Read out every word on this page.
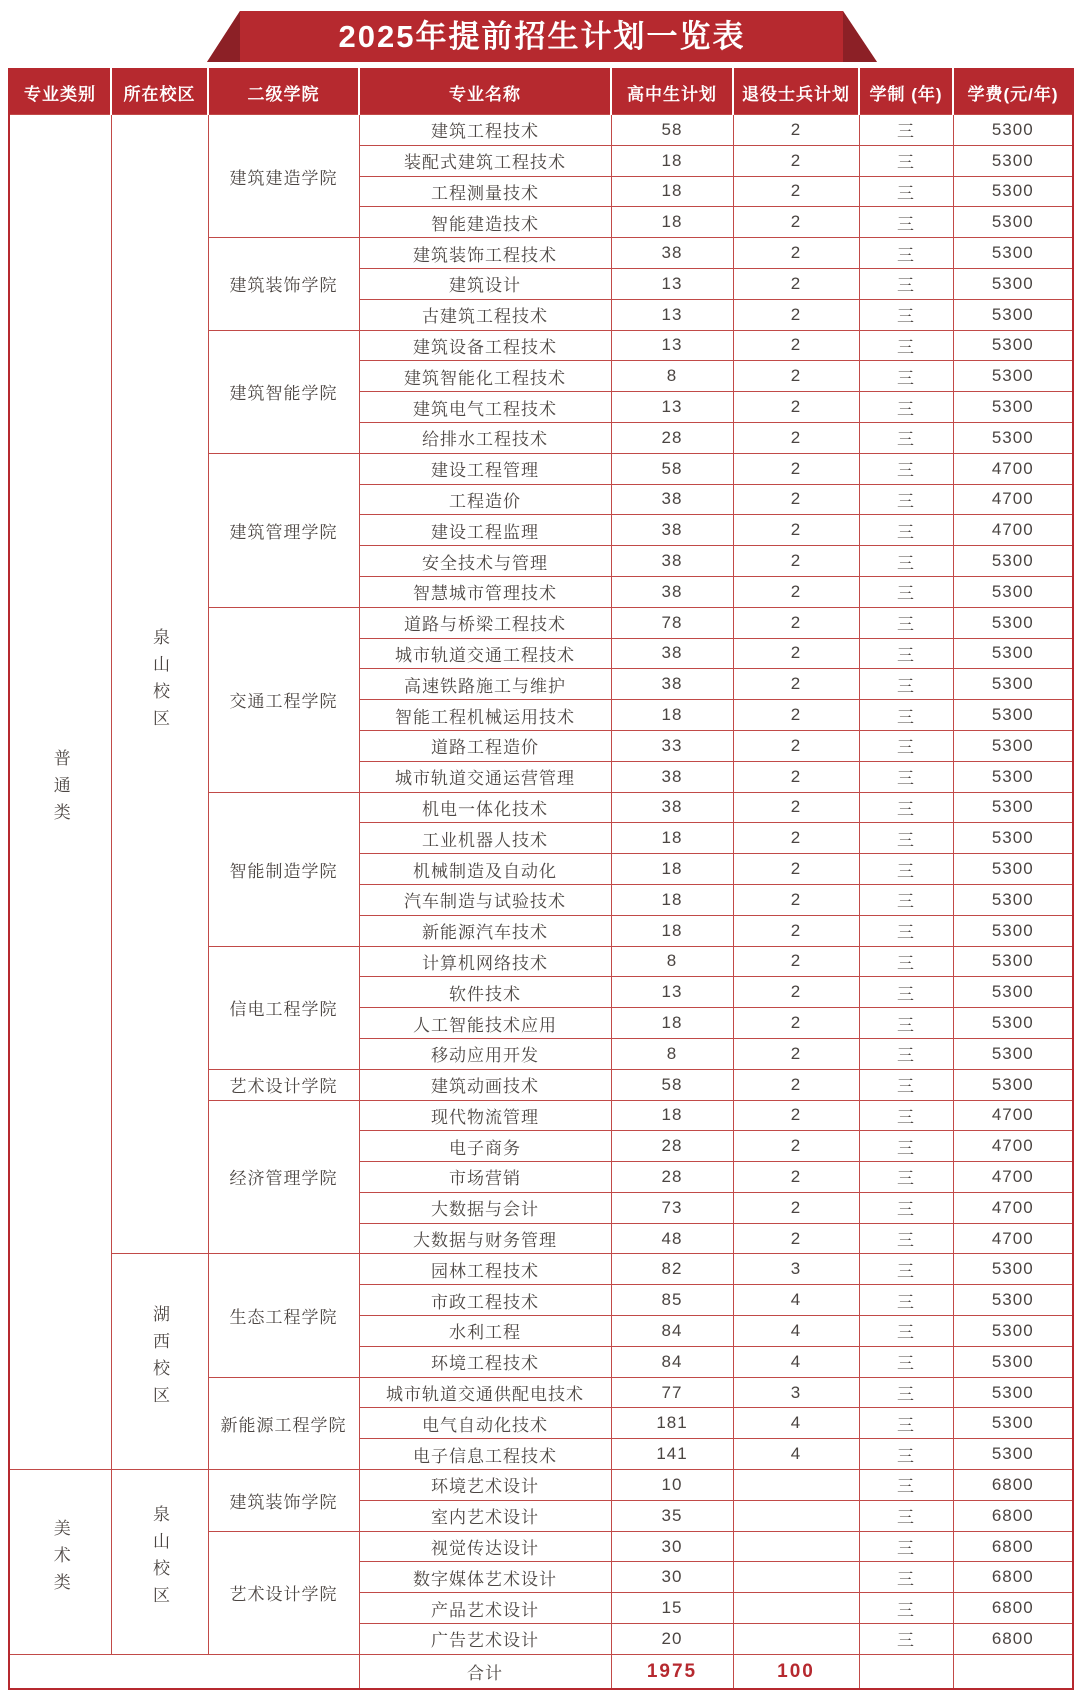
2025年提前招生计划一览表
专业类别	所在校区	二级学院	专业名称	高中生计划	退役士兵计划	学制 (年)	学费(元/年)
普通类	泉山校区	建筑建造学院	建筑工程技术	58	2	三	5300
			装配式建筑工程技术	18	2	三	5300
			工程测量技术	18	2	三	5300
			智能建造技术	18	2	三	5300
		建筑装饰学院	建筑装饰工程技术	38	2	三	5300
			建筑设计	13	2	三	5300
			古建筑工程技术	13	2	三	5300
		建筑智能学院	建筑设备工程技术	13	2	三	5300
			建筑智能化工程技术	8	2	三	5300
			建筑电气工程技术	13	2	三	5300
			给排水工程技术	28	2	三	5300
		建筑管理学院	建设工程管理	58	2	三	4700
			工程造价	38	2	三	4700
			建设工程监理	38	2	三	4700
			安全技术与管理	38	2	三	5300
			智慧城市管理技术	38	2	三	5300
		交通工程学院	道路与桥梁工程技术	78	2	三	5300
			城市轨道交通工程技术	38	2	三	5300
			高速铁路施工与维护	38	2	三	5300
			智能工程机械运用技术	18	2	三	5300
			道路工程造价	33	2	三	5300
			城市轨道交通运营管理	38	2	三	5300
		智能制造学院	机电一体化技术	38	2	三	5300
			工业机器人技术	18	2	三	5300
			机械制造及自动化	18	2	三	5300
			汽车制造与试验技术	18	2	三	5300
			新能源汽车技术	18	2	三	5300
		信电工程学院	计算机网络技术	8	2	三	5300
			软件技术	13	2	三	5300
			人工智能技术应用	18	2	三	5300
			移动应用开发	8	2	三	5300
		艺术设计学院	建筑动画技术	58	2	三	5300
		经济管理学院	现代物流管理	18	2	三	4700
			电子商务	28	2	三	4700
			市场营销	28	2	三	4700
			大数据与会计	73	2	三	4700
			大数据与财务管理	48	2	三	4700
	湖西校区	生态工程学院	园林工程技术	82	3	三	5300
			市政工程技术	85	4	三	5300
			水利工程	84	4	三	5300
			环境工程技术	84	4	三	5300
		新能源工程学院	城市轨道交通供配电技术	77	3	三	5300
			电气自动化技术	181	4	三	5300
			电子信息工程技术	141	4	三	5300
美术类	泉山校区	建筑装饰学院	环境艺术设计	10		三	6800
			室内艺术设计	35		三	6800
		艺术设计学院	视觉传达设计	30		三	6800
			数字媒体艺术设计	30		三	6800
			产品艺术设计	15		三	6800
			广告艺术设计	20		三	6800
			合计	1975	100		
